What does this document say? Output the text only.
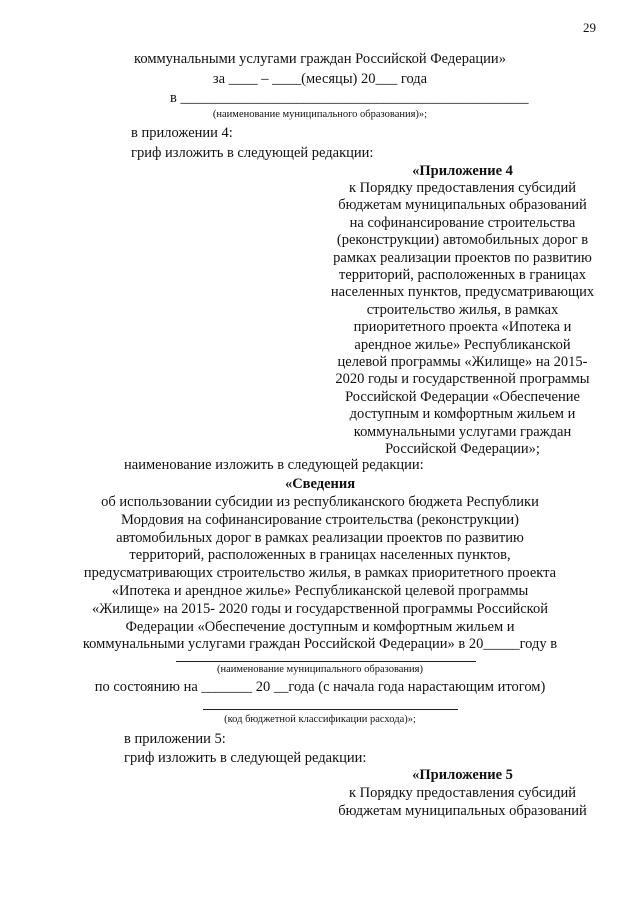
29
коммунальными услугами граждан Российской Федерации»
за ____ – ____(месяцы) 20___ года
в ________________________________________________
(наименование муниципального образования)»;
в приложении 4:
гриф изложить в следующей редакции:
«Приложение 4
к Порядку предоставления субсидий
бюджетам муниципальных образований
на софинансирование строительства
(реконструкции) автомобильных дорог в
рамках реализации проектов по развитию
территорий, расположенных в границах
населенных пунктов, предусматривающих
строительство жилья, в рамках
приоритетного проекта «Ипотека и
арендное жилье» Республиканской
целевой программы «Жилище» на 2015-
2020 годы и государственной программы
Российской Федерации «Обеспечение
доступным и комфортным жильем и
коммунальными услугами граждан
Российской Федерации»;
наименование изложить в следующей редакции:
«Сведения
об использовании субсидии из республиканского бюджета Республики
Мордовия на софинансирование строительства (реконструкции)
автомобильных дорог в рамках реализации проектов по развитию
территорий, расположенных в границах населенных пунктов,
предусматривающих строительство жилья, в рамках приоритетного проекта
«Ипотека и арендное жилье» Республиканской целевой программы
«Жилище» на 2015- 2020 годы и государственной программы Российской
Федерации «Обеспечение доступным и комфортным жильем и
коммунальными услугами граждан Российской Федерации» в 20_____году в
(наименование муниципального образования)
по состоянию на _______ 20 __года (с начала года нарастающим итогом)
(код бюджетной классификации расхода)»;
в приложении 5:
гриф изложить в следующей редакции:
«Приложение 5
к Порядку предоставления субсидий
бюджетам муниципальных образований
